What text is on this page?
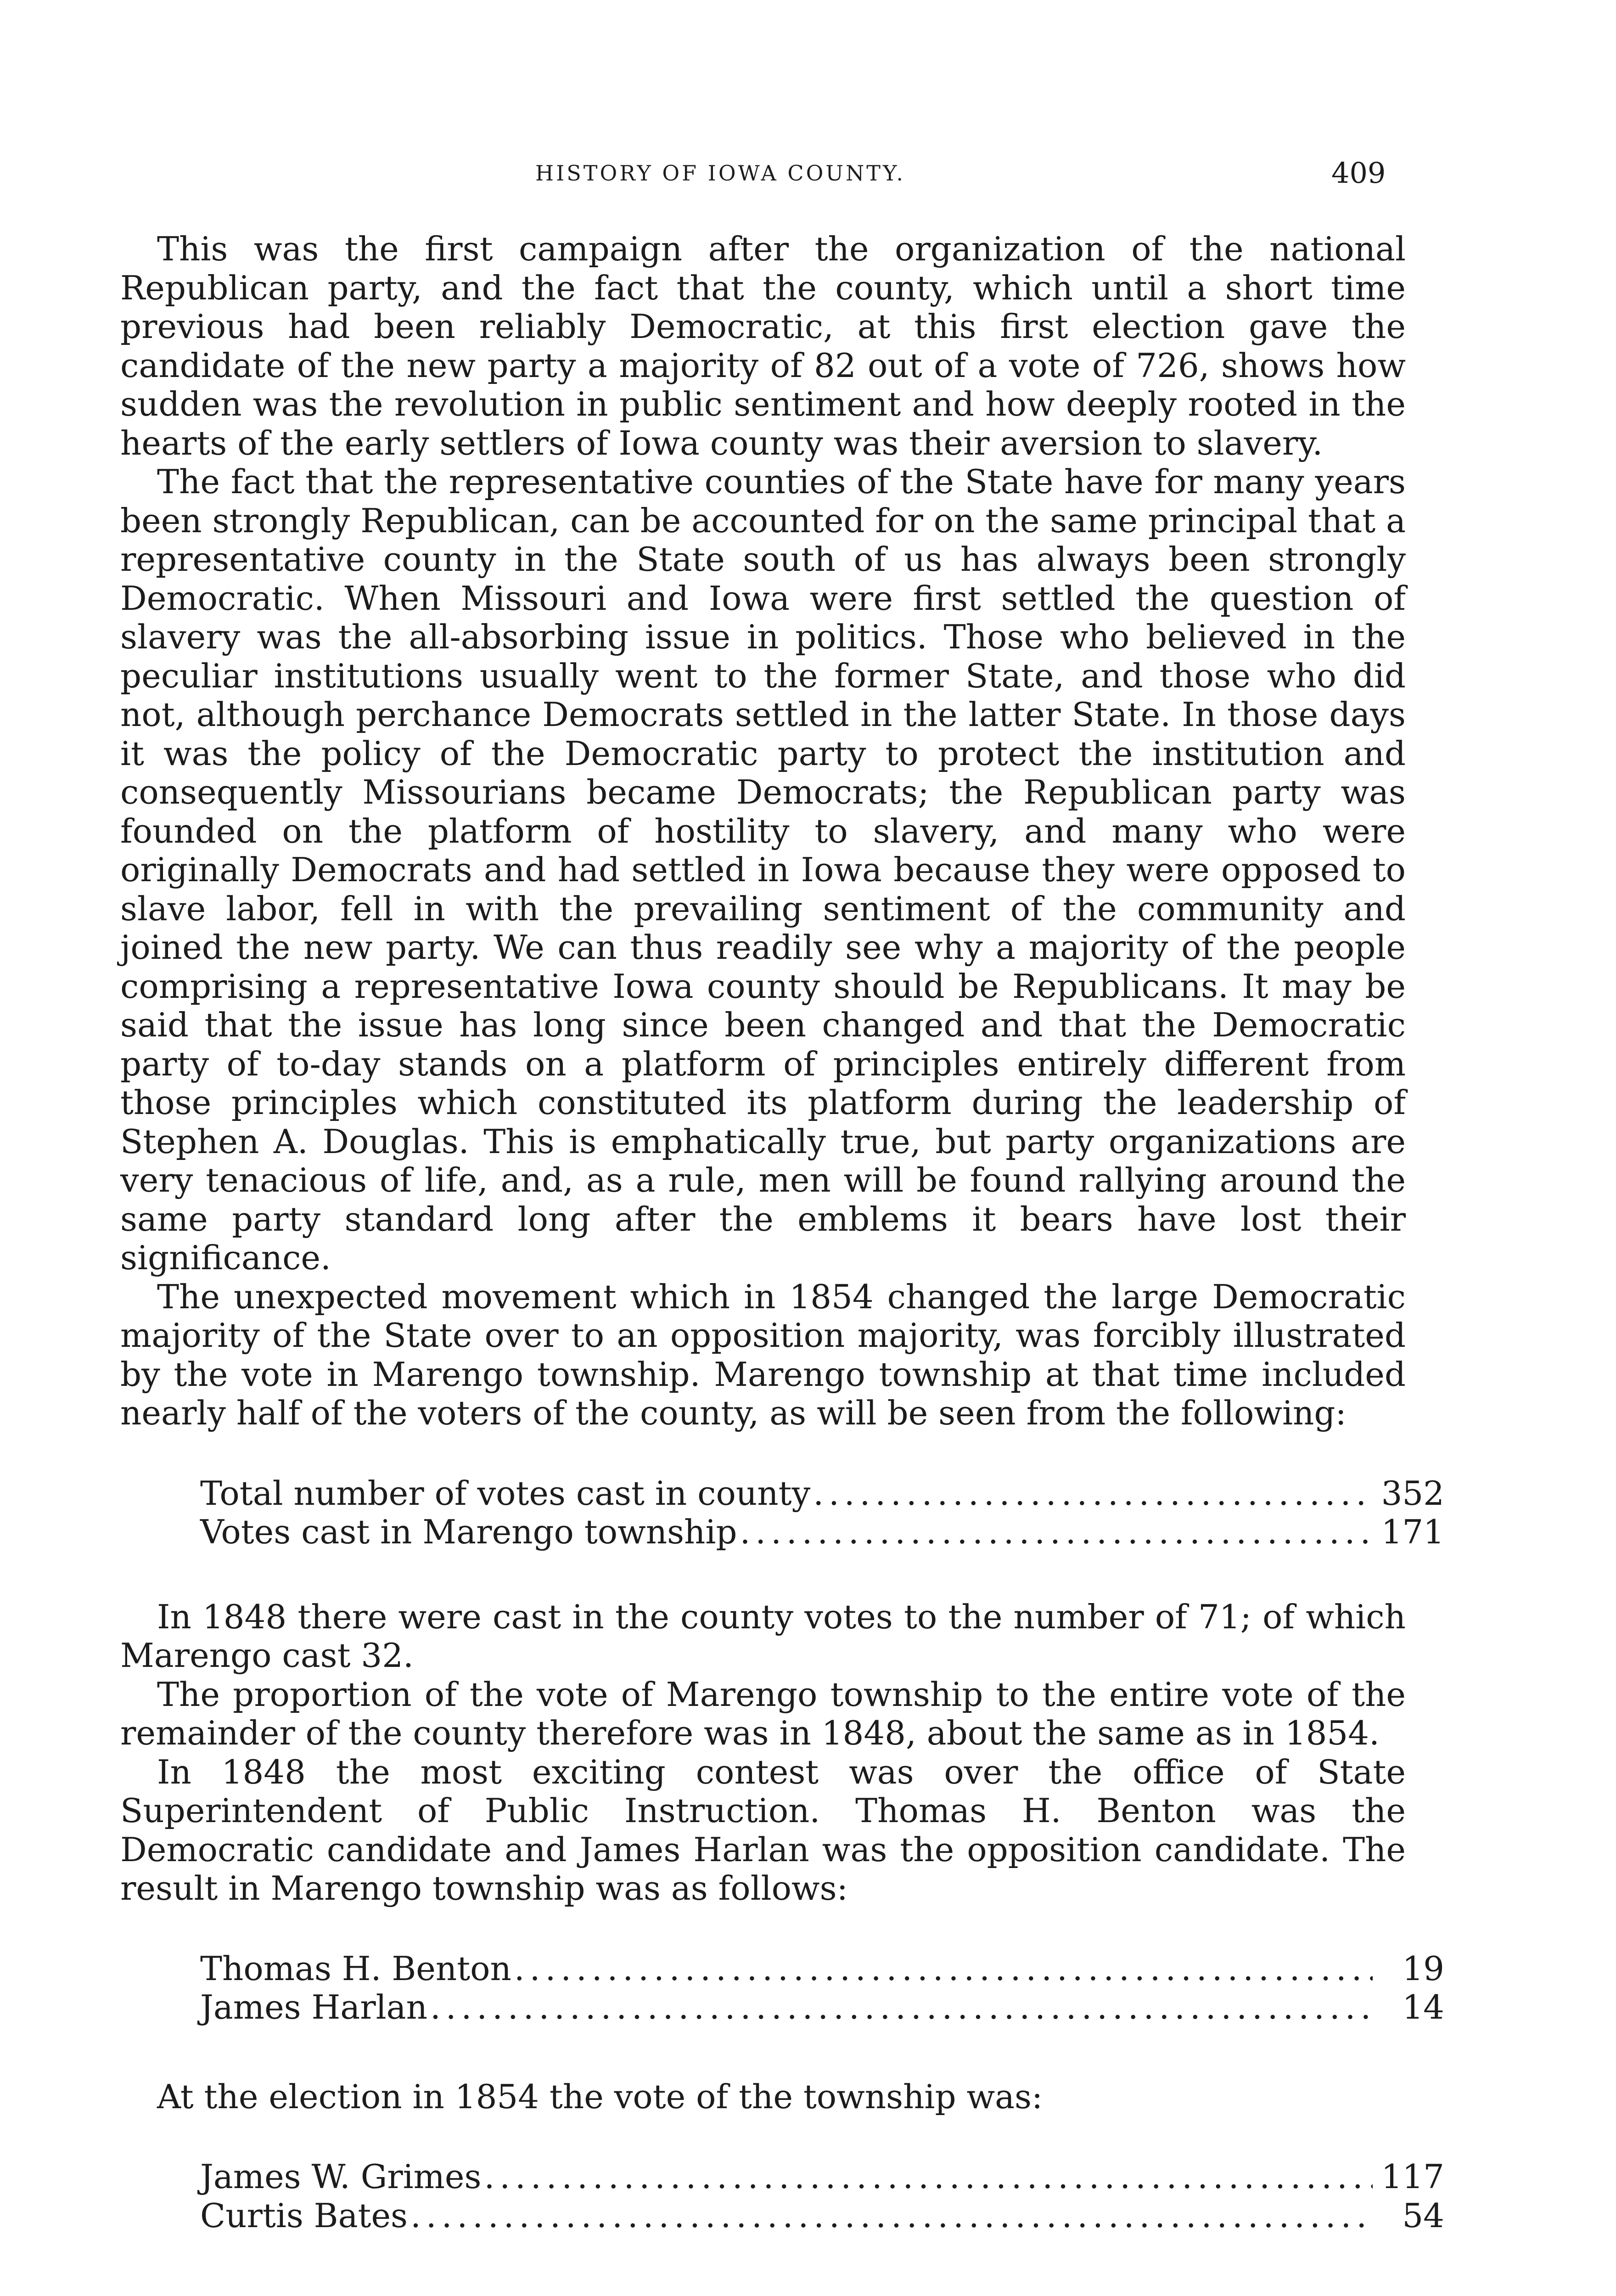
HISTORY OF IOWA COUNTY.	409

This was the first campaign after the organization of the national Republican party, and the fact that the county, which until a short time previous had been reliably Democratic, at this first election gave the candidate of the new party a majority of 82 out of a vote of 726, shows how sudden was the revolution in public sentiment and how deeply rooted in the hearts of the early settlers of Iowa county was their aversion to slavery.

The fact that the representative counties of the State have for many years been strongly Republican, can be accounted for on the same principal that a representative county in the State south of us has always been strongly Democratic. When Missouri and Iowa were first settled the question of slavery was the all-absorbing issue in politics. Those who believed in the peculiar institutions usually went to the former State, and those who did not, although perchance Democrats settled in the latter State. In those days it was the policy of the Democratic party to protect the institution and consequently Missourians became Democrats; the Republican party was founded on the platform of hostility to slavery, and many who were originally Democrats and had settled in Iowa because they were opposed to slave labor, fell in with the prevailing sentiment of the community and joined the new party. We can thus readily see why a majority of the people comprising a representative Iowa county should be Republicans. It may be said that the issue has long since been changed and that the Democratic party of to-day stands on a platform of principles entirely different from those principles which constituted its platform during the leadership of Stephen A. Douglas. This is emphatically true, but party organizations are very tenacious of life, and, as a rule, men will be found rallying around the same party standard long after the emblems it bears have lost their significance.

The unexpected movement which in 1854 changed the large Democratic majority of the State over to an opposition majority, was forcibly illustrated by the vote in Marengo township. Marengo township at that time included nearly half of the voters of the county, as will be seen from the following:

Total number of votes cast in county . . .	352
Votes cast in Marengo township . . .	171

In 1848 there were cast in the county votes to the number of 71; of which Marengo cast 32.

The proportion of the vote of Marengo township to the entire vote of the remainder of the county therefore was in 1848, about the same as in 1854.

In 1848 the most exciting contest was over the office of State Superintendent of Public Instruction. Thomas H. Benton was the Democratic candidate and James Harlan was the opposition candidate. The result in Marengo township was as follows:

Thomas H. Benton . . .	19
James Harlan . . .	14

At the election in 1854 the vote of the township was:

James W. Grimes . . .	117
Curtis Bates . . .	54
